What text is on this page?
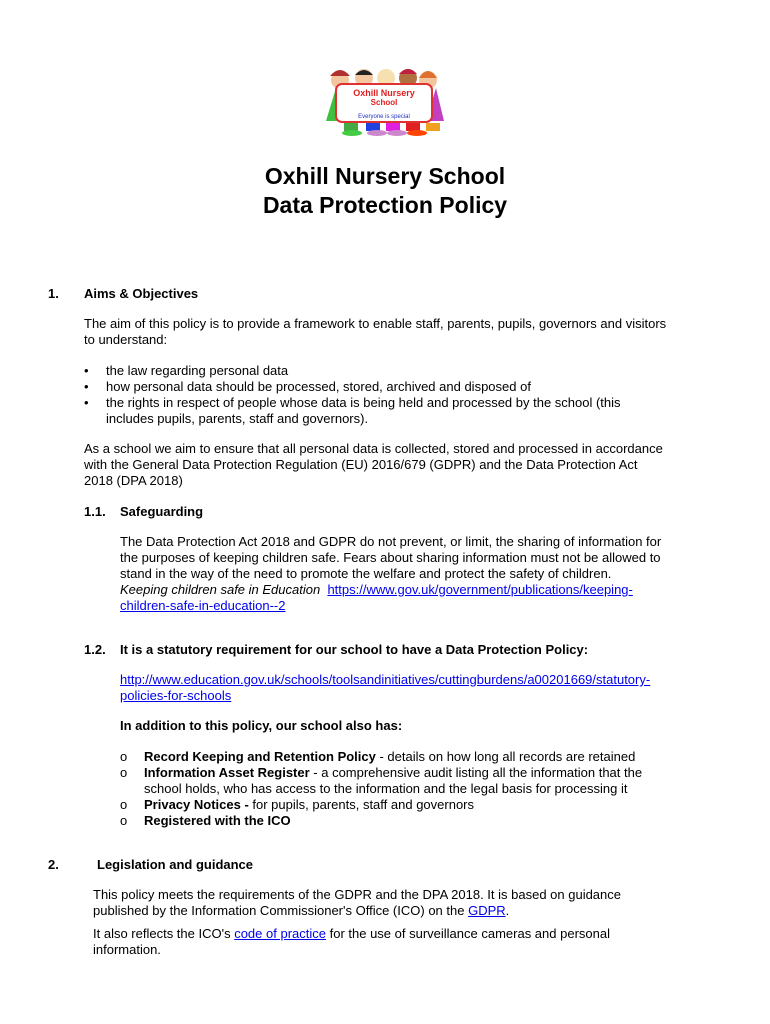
Oxhill Nursery
School
Everyone is special
Oxhill Nursery School
Data Protection Policy
1. Aims & Objectives
The aim of this policy is to provide a framework to enable staff, parents, pupils, governors and visitors
to understand:
• the law regarding personal data
• how personal data should be processed, stored, archived and disposed of
• the rights in respect of people whose data is being held and processed by the school (this
includes pupils, parents, staff and governors).
As a school we aim to ensure that all personal data is collected, stored and processed in accordance
with the General Data Protection Regulation (EU) 2016/679 (GDPR) and the Data Protection Act
2018 (DPA 2018)
1.1. Safeguarding
The Data Protection Act 2018 and GDPR do not prevent, or limit, the sharing of information for
the purposes of keeping children safe. Fears about sharing information must not be allowed to
stand in the way of the need to promote the welfare and protect the safety of children.
Keeping children safe in Education https://www.gov.uk/government/publications/keeping-
children-safe-in-education--2
1.2. It is a statutory requirement for our school to have a Data Protection Policy:
http://www.education.gov.uk/schools/toolsandinitiatives/cuttingburdens/a00201669/statutory-
policies-for-schools
In addition to this policy, our school also has:
o Record Keeping and Retention Policy - details on how long all records are retained
o Information Asset Register - a comprehensive audit listing all the information that the
school holds, who has access to the information and the legal basis for processing it
o Privacy Notices - for pupils, parents, staff and governors
o Registered with the ICO
2.	Legislation and guidance
This policy meets the requirements of the GDPR and the DPA 2018. It is based on guidance
published by the Information Commissioner's Office (ICO) on the GDPR.
It also reflects the ICO's code of practice for the use of surveillance cameras and personal
information.
